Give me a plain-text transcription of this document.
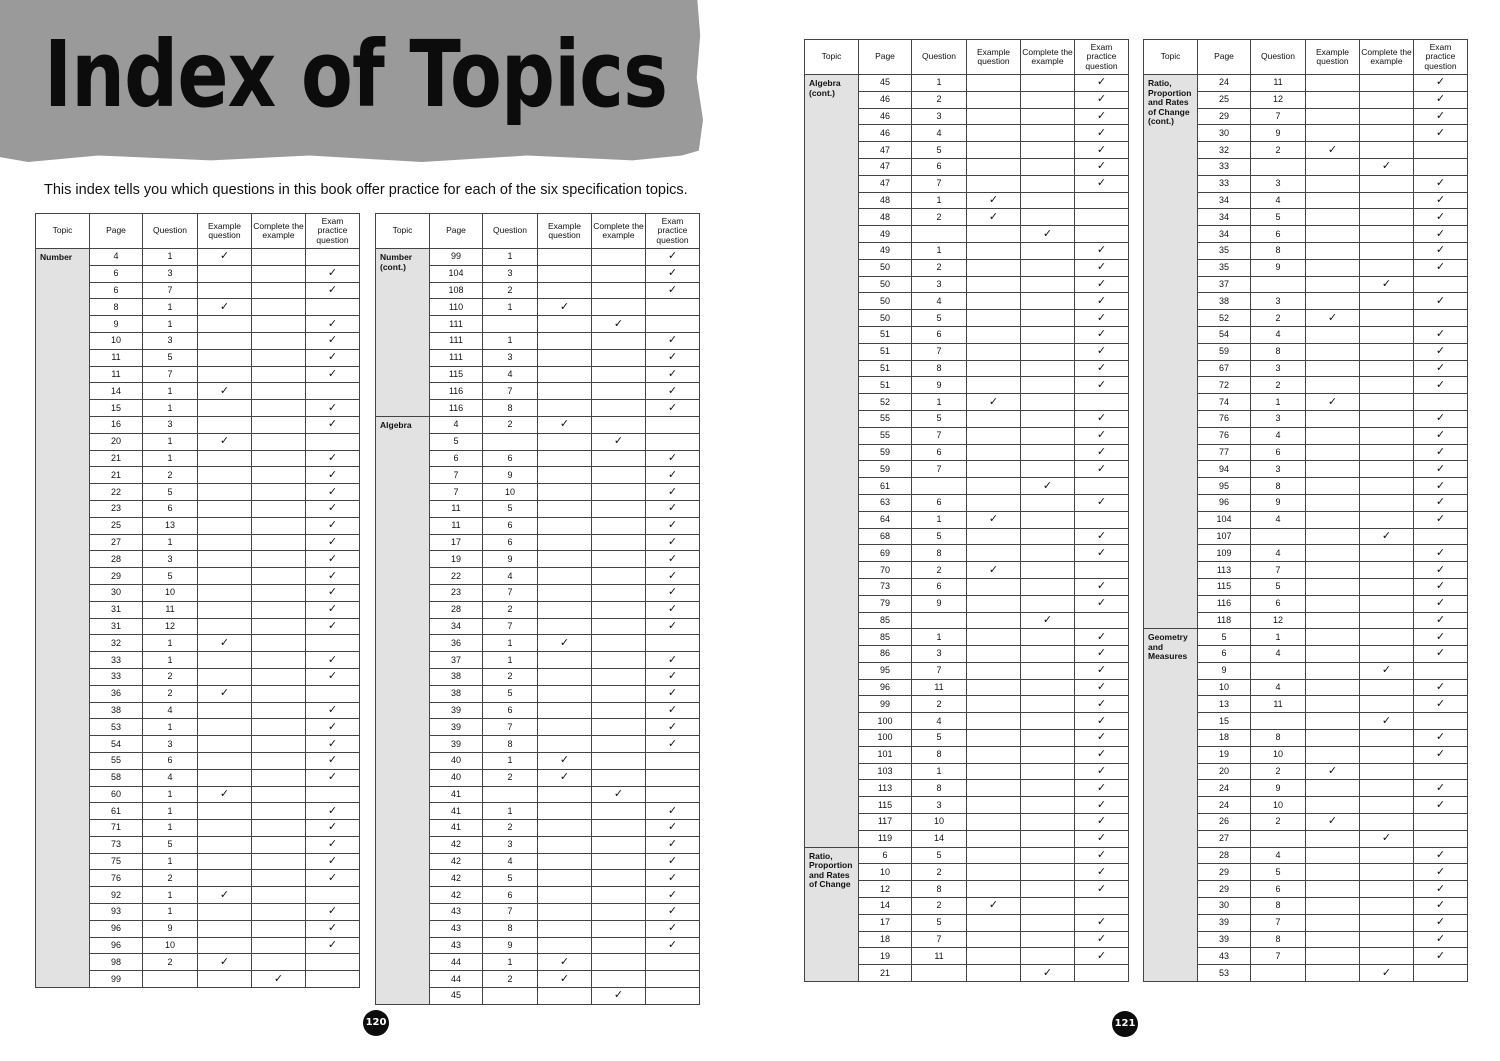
Index of Topics

This index tells you which questions in this book offer practice for each of the six specification topics.

Topic	Page	Question	Example question	Complete the example	Exam practice question
Number	4	1	✓		
	6	3			✓
	6	7			✓
	8	1	✓		
	9	1			✓
	10	3			✓
	11	5			✓
	11	7			✓
	14	1	✓		
	15	1			✓
	16	3			✓
	20	1	✓		
	21	1			✓
	21	2			✓
	22	5			✓
	23	6			✓
	25	13			✓
	27	1			✓
	28	3			✓
	29	5			✓
	30	10			✓
	31	11			✓
	31	12			✓
	32	1	✓		
	33	1			✓
	33	2			✓
	36	2	✓		
	38	4			✓
	53	1			✓
	54	3			✓
	55	6			✓
	58	4			✓
	60	1	✓		
	61	1			✓
	71	1			✓
	73	5			✓
	75	1			✓
	76	2			✓
	92	1	✓		
	93	1			✓
	96	9			✓
	96	10			✓
	98	2	✓		
	99			✓	
Topic	Page	Question	Example question	Complete the example	Exam practice question
Number (cont.)	99	1			✓
	104	3			✓
	108	2			✓
	110	1	✓		
	111			✓	
	111	1			✓
	111	3			✓
	115	4			✓
	116	7			✓
	116	8			✓
Algebra	4	2	✓		
	5			✓	
	6	6			✓
	7	9			✓
	7	10			✓
	11	5			✓
	11	6			✓
	17	6			✓
	19	9			✓
	22	4			✓
	23	7			✓
	28	2			✓
	34	7			✓
	36	1	✓		
	37	1			✓
	38	2			✓
	38	5			✓
	39	6			✓
	39	7			✓
	39	8			✓
	40	1	✓		
	40	2	✓		
	41			✓	
	41	1			✓
	41	2			✓
	42	3			✓
	42	4			✓
	42	5			✓
	42	6			✓
	43	7			✓
	43	8			✓
	43	9			✓
	44	1	✓		
	44	2	✓		
	45			✓	
Topic	Page	Question	Example question	Complete the example	Exam practice question
Algebra (cont.)	45	1			✓
	46	2			✓
	46	3			✓
	46	4			✓
	47	5			✓
	47	6			✓
	47	7			✓
	48	1	✓		
	48	2	✓		
	49			✓	
	49	1			✓
	50	2			✓
	50	3			✓
	50	4			✓
	50	5			✓
	51	6			✓
	51	7			✓
	51	8			✓
	51	9			✓
	52	1	✓		
	55	5			✓
	55	7			✓
	59	6			✓
	59	7			✓
	61			✓	
	63	6			✓
	64	1	✓		
	68	5			✓
	69	8			✓
	70	2	✓		
	73	6			✓
	79	9			✓
	85			✓	
	85	1			✓
	86	3			✓
	95	7			✓
	96	11			✓
	99	2			✓
	100	4			✓
	100	5			✓
	101	8			✓
	103	1			✓
	113	8			✓
	115	3			✓
	117	10			✓
	119	14			✓
Ratio, Proportion and Rates of Change	6	5			✓
	10	2			✓
	12	8			✓
	14	2	✓		
	17	5			✓
	18	7			✓
	19	11			✓
	21			✓	
Topic	Page	Question	Example question	Complete the example	Exam practice question
Ratio, Proportion and Rates of Change (cont.)	24	11			✓
	25	12			✓
	29	7			✓
	30	9			✓
	32	2	✓		
	33			✓	
	33	3			✓
	34	4			✓
	34	5			✓
	34	6			✓
	35	8			✓
	35	9			✓
	37			✓	
	38	3			✓
	52	2	✓		
	54	4			✓
	59	8			✓
	67	3			✓
	72	2			✓
	74	1	✓		
	76	3			✓
	76	4			✓
	77	6			✓
	94	3			✓
	95	8			✓
	96	9			✓
	104	4			✓
	107			✓	
	109	4			✓
	113	7			✓
	115	5			✓
	116	6			✓
	118	12			✓
Geometry and Measures	5	1			✓
	6	4			✓
	9			✓	
	10	4			✓
	13	11			✓
	15			✓	
	18	8			✓
	19	10			✓
	20	2	✓		
	24	9			✓
	24	10			✓
	26	2	✓		
	27			✓	
	28	4			✓
	29	5			✓
	29	6			✓
	30	8			✓
	39	7			✓
	39	8			✓
	43	7			✓
	53			✓	
120	121
